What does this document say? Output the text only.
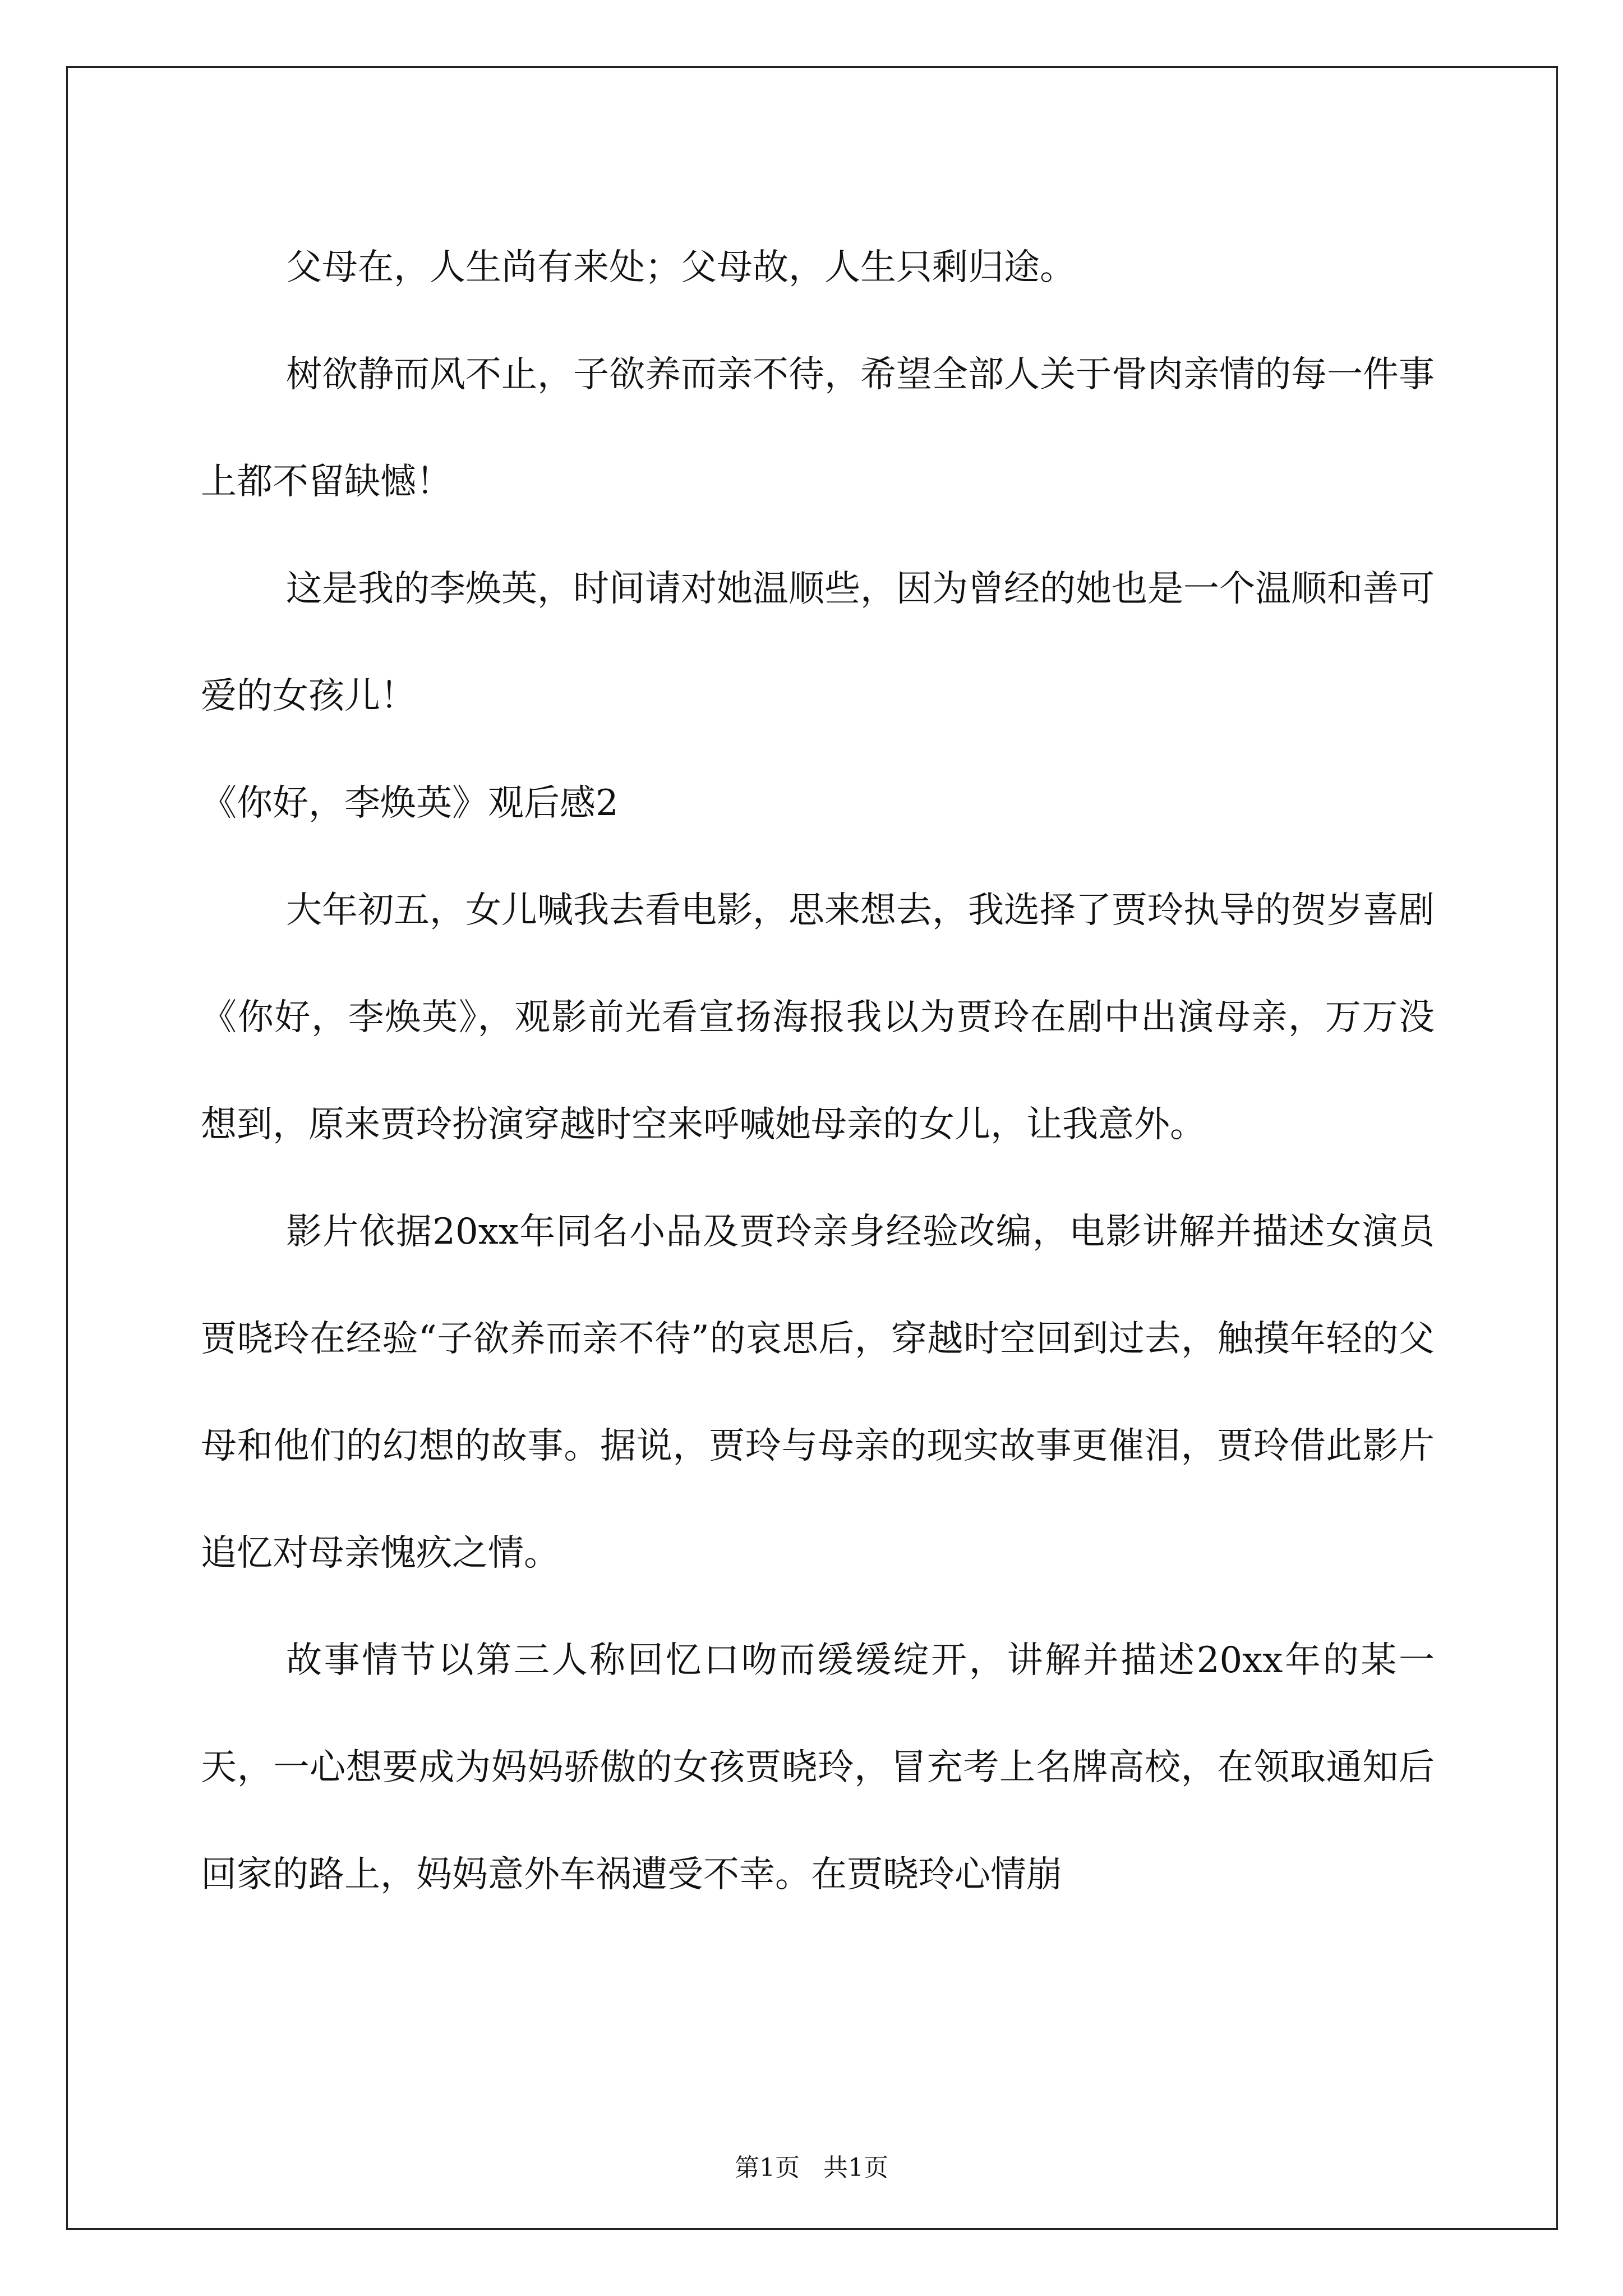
父母在，人生尚有来处；父母故，人生只剩归途。

树欲静而风不止，子欲养而亲不待，希望全部人关于骨肉亲情的每一件事上都不留缺憾！

这是我的李焕英，时间请对她温顺些，因为曾经的她也是一个温顺和善可爱的女孩儿！

《你好，李焕英》观后感2

大年初五，女儿喊我去看电影，思来想去，我选择了贾玲执导的贺岁喜剧《你好，李焕英》，观影前光看宣扬海报我以为贾玲在剧中出演母亲，万万没想到，原来贾玲扮演穿越时空来呼喊她母亲的女儿，让我意外。

影片依据20xx年同名小品及贾玲亲身经验改编，电影讲解并描述女演员贾晓玲在经验“子欲养而亲不待”的哀思后，穿越时空回到过去，触摸年轻的父母和他们的幻想的故事。据说，贾玲与母亲的现实故事更催泪，贾玲借此影片追忆对母亲愧疚之情。

故事情节以第三人称回忆口吻而缓缓绽开，讲解并描述20xx年的某一天，一心想要成为妈妈骄傲的女孩贾晓玲，冒充考上名牌高校，在领取通知后回家的路上，妈妈意外车祸遭受不幸。在贾晓玲心情崩

第1页   共1页
